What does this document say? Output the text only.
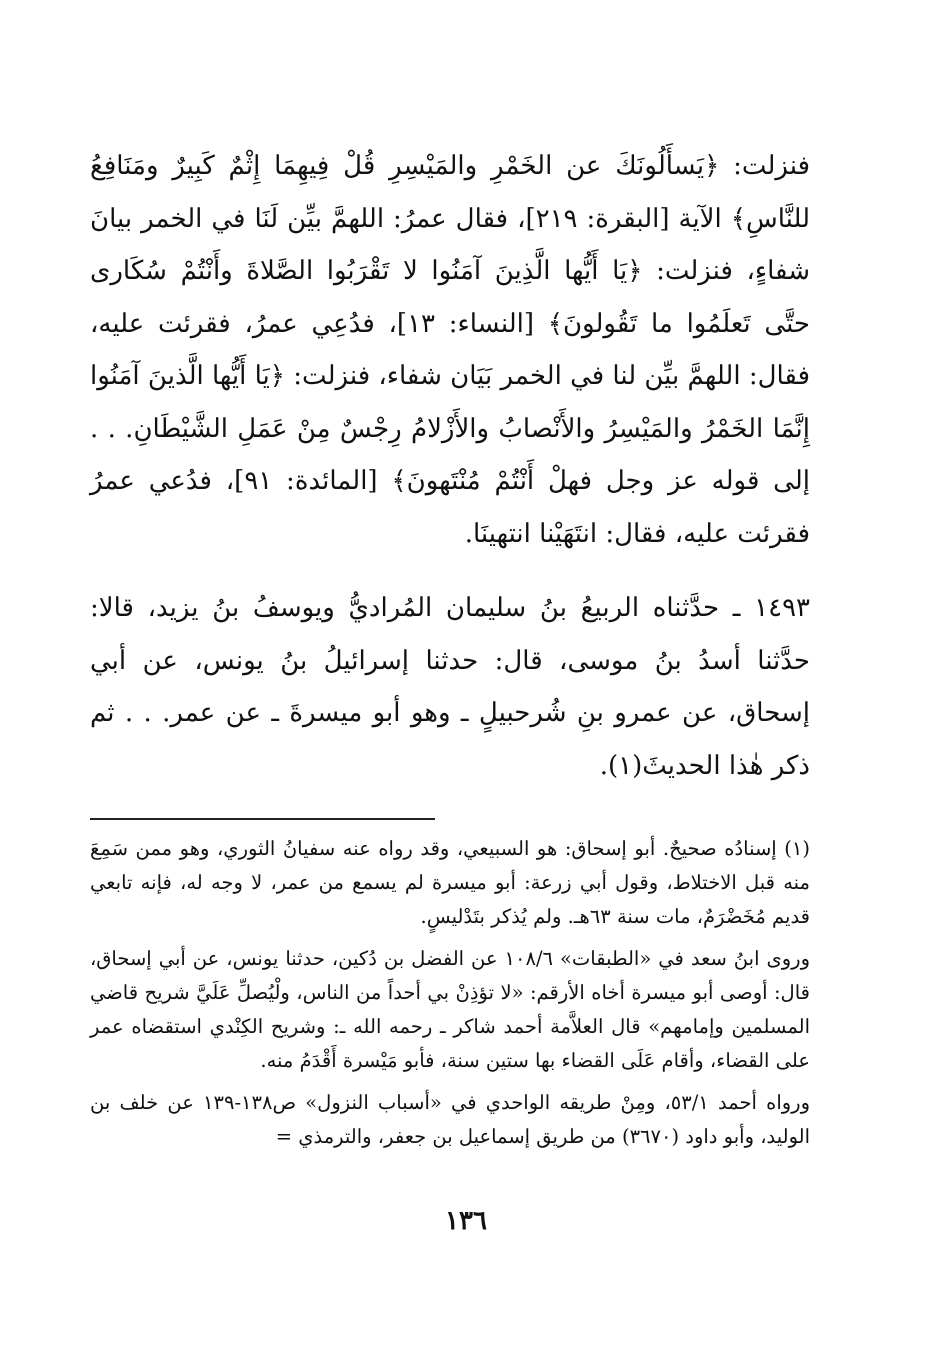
فنزلت: ﴿يَسأَلُونَكَ عن الخَمْرِ والمَيْسِرِ قُلْ فِيهِمَا إِثْمٌ كَبِيرٌ ومَنَافِعُ للنَّاسِ﴾ الآية [البقرة: ٢١٩]، فقال عمرُ: اللهمَّ بيِّن لَنَا في الخمر بيانَ شفاءٍ، فنزلت: ﴿يَا أَيُّها الَّذِينَ آمَنُوا لا تَقْرَبُوا الصَّلاةَ وأَنْتُمْ سُكَارى حتَّى تَعلَمُوا ما تَقُولونَ﴾ [النساء: ١٣]، فدُعِي عمرُ، فقرئت عليه، فقال: اللهمَّ بيِّن لنا في الخمر بَيَان شفاء، فنزلت: ﴿يَا أَيُّها الَّذينَ آمَنُوا إِنَّمَا الخَمْرُ والمَيْسِرُ والأَنْصابُ والأَزْلامُ رِجْسٌ مِنْ عَمَلِ الشَّيْطَانِ. . . إلى قوله عز وجل فهلْ أَنْتُمْ مُنْتَهونَ﴾ [المائدة: ٩١]، فدُعي عمرُ فقرئت عليه، فقال: انتَهَيْنا انتهينَا.

١٤٩٣ ـ حدَّثناه الربيعُ بنُ سليمان المُراديُّ ويوسفُ بنُ يزيد، قالا: حدَّثنا أسدُ بنُ موسى، قال: حدثنا إسرائيلُ بنُ يونس، عن أبي إسحاق، عن عمرو بنِ شُرحبيلٍ ـ وهو أبو ميسرةَ ـ عن عمر. . . ثم ذكر هٰذا الحديثَ(١).

(١) إسنادُه صحيحٌ. أبو إسحاق: هو السبيعي، وقد رواه عنه سفيانُ الثوري، وهو ممن سَمِعَ منه قبل الاختلاط، وقول أبي زرعة: أبو ميسرة لم يسمع من عمر، لا وجه له، فإنه تابعي قديم مُخَضْرَمٌ، مات سنة ٦٣هـ. ولم يُذكر بتَدْليسٍ.

وروى ابنُ سعد في «الطبقات» ١٠٨/٦ عن الفضل بن دُكين، حدثنا يونس، عن أبي إسحاق، قال: أوصى أبو ميسرة أخاه الأرقم: «لا تؤذِنْ بي أحداً من الناس، ولْيُصلِّ عَلَيَّ شريح قاضي المسلمين وإمامهم» قال العلاَّمة أحمد شاكر ـ رحمه الله ـ: وشريح الكِنْدي استقضاه عمر على القضاء، وأقام عَلَى القضاء بها ستين سنة، فأبو مَيْسرة أَقْدَمُ منه.

ورواه أحمد ٥٣/١، ومِنْ طريقه الواحدي في «أسباب النزول» ص١٣٨-١٣٩ عن خلف بن الوليد، وأبو داود (٣٦٧٠) من طريق إسماعيل بن جعفر، والترمذي =

١٣٦
